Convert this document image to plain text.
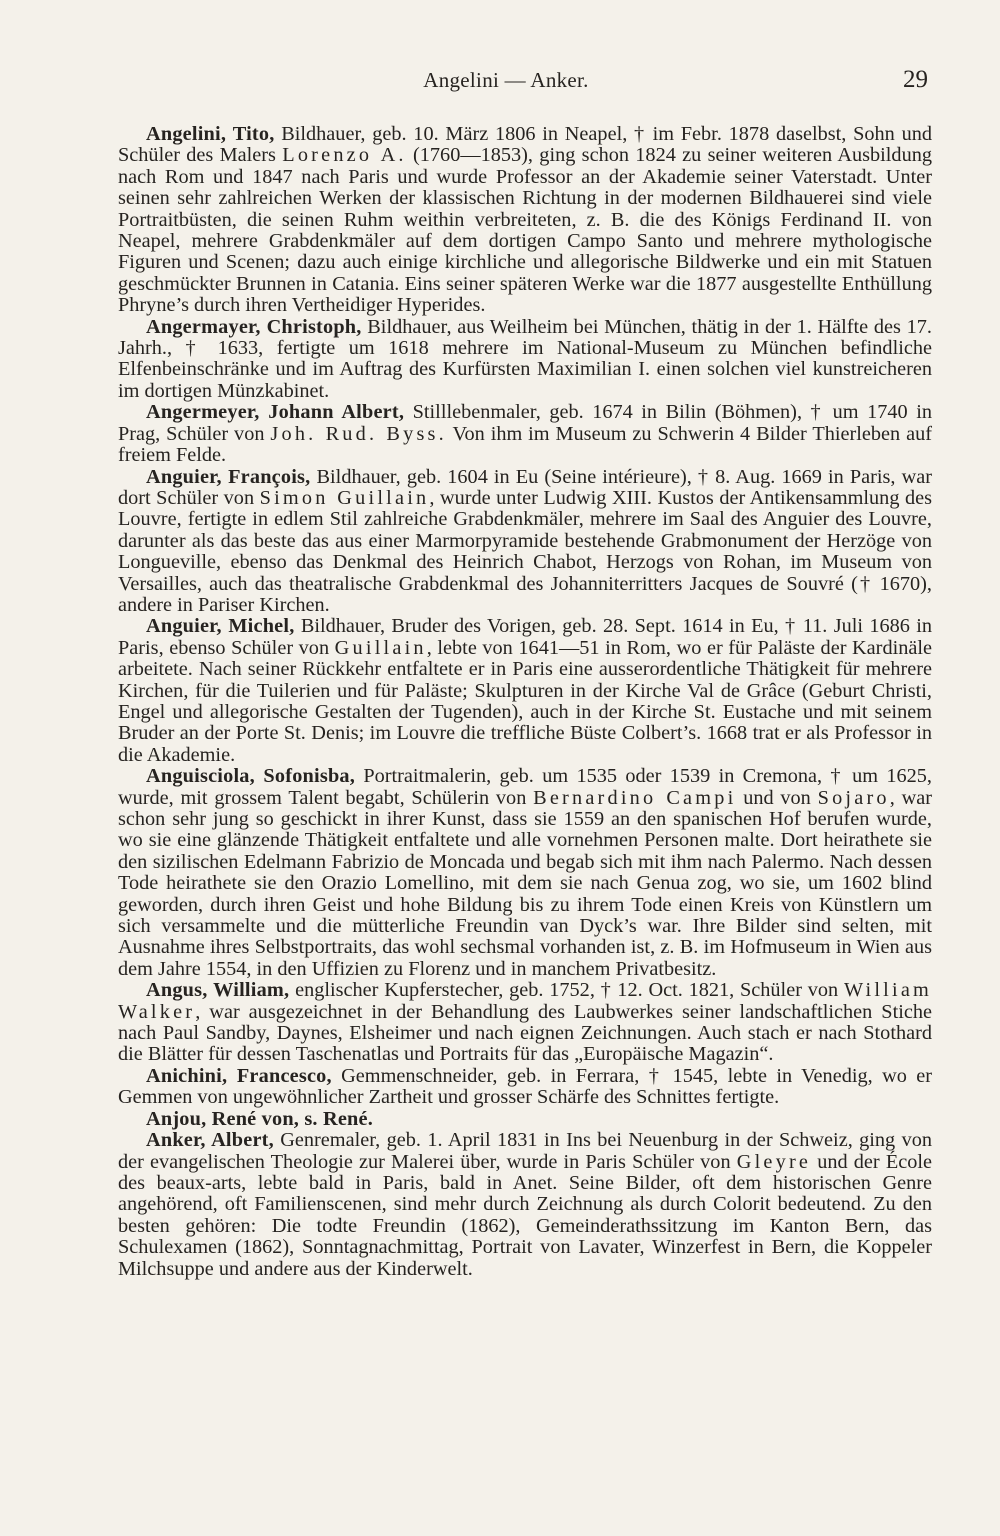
Angelini — Anker.	29

Angelini, Tito, Bildhauer, geb. 10. März 1806 in Neapel, † im Febr. 1878 daselbst, Sohn und Schüler des Malers Lorenzo A. (1760—1853), ging schon 1824 zu seiner weiteren Ausbildung nach Rom und 1847 nach Paris und wurde Professor an der Akademie seiner Vaterstadt. Unter seinen sehr zahlreichen Werken der klassischen Richtung in der modernen Bildhauerei sind viele Portraitbüsten, die seinen Ruhm weithin verbreiteten, z. B. die des Königs Ferdinand II. von Neapel, mehrere Grabdenkmäler auf dem dortigen Campo Santo und mehrere mythologische Figuren und Scenen; dazu auch einige kirchliche und allegorische Bildwerke und ein mit Statuen geschmückter Brunnen in Catania. Eins seiner späteren Werke war die 1877 ausgestellte Enthüllung Phryne’s durch ihren Vertheidiger Hyperides.

Angermayer, Christoph, Bildhauer, aus Weilheim bei München, thätig in der 1. Hälfte des 17. Jahrh., † 1633, fertigte um 1618 mehrere im National-Museum zu München befindliche Elfenbeinschränke und im Auftrag des Kurfürsten Maximilian I. einen solchen viel kunstreicheren im dortigen Münzkabinet.

Angermeyer, Johann Albert, Stilllebenmaler, geb. 1674 in Bilin (Böhmen), † um 1740 in Prag, Schüler von Joh. Rud. Byss. Von ihm im Museum zu Schwerin 4 Bilder Thierleben auf freiem Felde.

Anguier, François, Bildhauer, geb. 1604 in Eu (Seine intérieure), † 8. Aug. 1669 in Paris, war dort Schüler von Simon Guillain, wurde unter Ludwig XIII. Kustos der Antikensammlung des Louvre, fertigte in edlem Stil zahlreiche Grabdenkmäler, mehrere im Saal des Anguier des Louvre, darunter als das beste das aus einer Marmorpyramide bestehende Grabmonument der Herzöge von Longueville, ebenso das Denkmal des Heinrich Chabot, Herzogs von Rohan, im Museum von Versailles, auch das theatralische Grabdenkmal des Johanniterritters Jacques de Souvré († 1670), andere in Pariser Kirchen.

Anguier, Michel, Bildhauer, Bruder des Vorigen, geb. 28. Sept. 1614 in Eu, † 11. Juli 1686 in Paris, ebenso Schüler von Guillain, lebte von 1641—51 in Rom, wo er für Paläste der Kardinäle arbeitete. Nach seiner Rückkehr entfaltete er in Paris eine ausserordentliche Thätigkeit für mehrere Kirchen, für die Tuilerien und für Paläste; Skulpturen in der Kirche Val de Grâce (Geburt Christi, Engel und allegorische Gestalten der Tugenden), auch in der Kirche St. Eustache und mit seinem Bruder an der Porte St. Denis; im Louvre die treffliche Büste Colbert’s. 1668 trat er als Professor in die Akademie.

Anguisciola, Sofonisba, Portraitmalerin, geb. um 1535 oder 1539 in Cremona, † um 1625, wurde, mit grossem Talent begabt, Schülerin von Bernardino Campi und von Sojaro, war schon sehr jung so geschickt in ihrer Kunst, dass sie 1559 an den spanischen Hof berufen wurde, wo sie eine glänzende Thätigkeit entfaltete und alle vornehmen Personen malte. Dort heirathete sie den sizilischen Edelmann Fabrizio de Moncada und begab sich mit ihm nach Palermo. Nach dessen Tode heirathete sie den Orazio Lomellino, mit dem sie nach Genua zog, wo sie, um 1602 blind geworden, durch ihren Geist und hohe Bildung bis zu ihrem Tode einen Kreis von Künstlern um sich versammelte und die mütterliche Freundin van Dyck’s war. Ihre Bilder sind selten, mit Ausnahme ihres Selbstportraits, das wohl sechsmal vorhanden ist, z. B. im Hofmuseum in Wien aus dem Jahre 1554, in den Uffizien zu Florenz und in manchem Privatbesitz.

Angus, William, englischer Kupferstecher, geb. 1752, † 12. Oct. 1821, Schüler von William Walker, war ausgezeichnet in der Behandlung des Laubwerkes seiner landschaftlichen Stiche nach Paul Sandby, Daynes, Elsheimer und nach eignen Zeichnungen. Auch stach er nach Stothard die Blätter für dessen Taschenatlas und Portraits für das „Europäische Magazin“.

Anichini, Francesco, Gemmenschneider, geb. in Ferrara, † 1545, lebte in Venedig, wo er Gemmen von ungewöhnlicher Zartheit und grosser Schärfe des Schnittes fertigte.

Anjou, René von, s. René.

Anker, Albert, Genremaler, geb. 1. April 1831 in Ins bei Neuenburg in der Schweiz, ging von der evangelischen Theologie zur Malerei über, wurde in Paris Schüler von Gleyre und der École des beaux-arts, lebte bald in Paris, bald in Anet. Seine Bilder, oft dem historischen Genre angehörend, oft Familienscenen, sind mehr durch Zeichnung als durch Colorit bedeutend. Zu den besten gehören: Die todte Freundin (1862), Gemeinderathssitzung im Kanton Bern, das Schulexamen (1862), Sonntagnachmittag, Portrait von Lavater, Winzerfest in Bern, die Koppeler Milchsuppe und andere aus der Kinderwelt.
